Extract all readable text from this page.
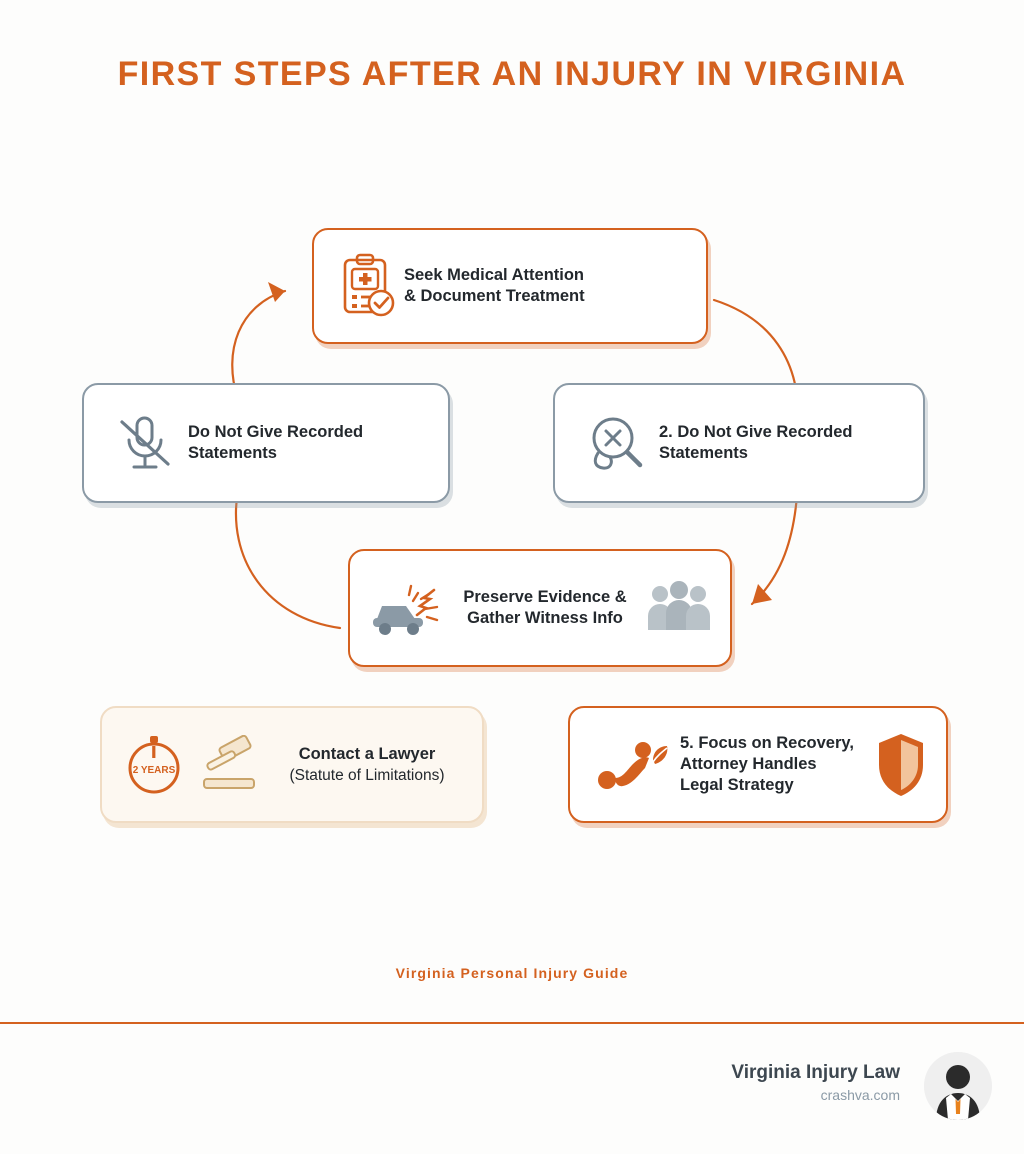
FIRST STEPS AFTER AN INJURY IN VIRGINIA
Seek Medical Attention
& Document Treatment
2. Do Not Give Recorded
Statements
Preserve Evidence &
Gather Witness Info
5. Focus on Recovery,
Attorney Handles
Legal Strategy
2 YEARS
Contact a Lawyer
(Statute of Limitations)
Do Not Give Recorded
Statements
Virginia Personal Injury Guide
Virginia Injury Law
crashva.com
